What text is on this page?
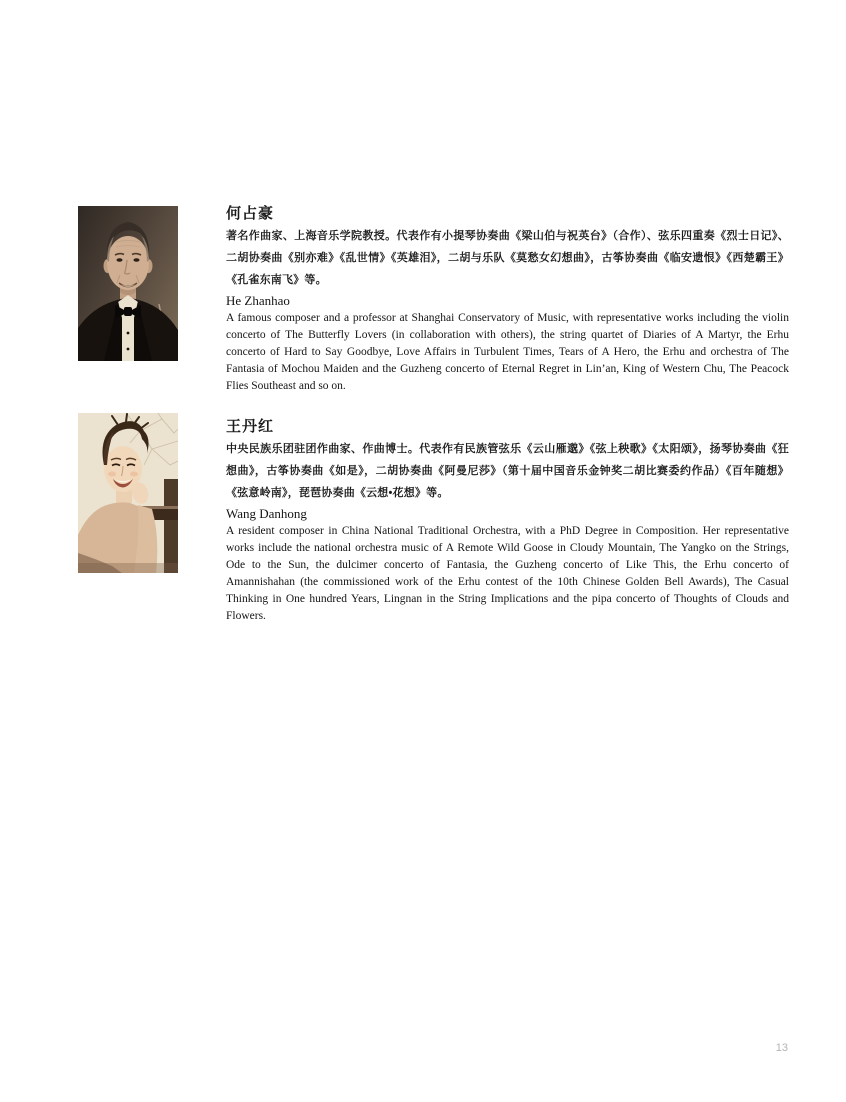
何占豪

著名作曲家、上海音乐学院教授。代表作有小提琴协奏曲《梁山伯与祝英台》（合作）、弦乐四重奏《烈士日记》、二胡协奏曲《别亦难》《乱世情》《英雄泪》，二胡与乐队《莫愁女幻想曲》，古筝协奏曲《临安遗恨》《西楚霸王》《孔雀东南飞》等。

He Zhanhao

A famous composer and a professor at Shanghai Conservatory of Music, with representative works including the violin concerto of The Butterfly Lovers (in collaboration with others), the string quartet of Diaries of A Martyr, the Erhu concerto of Hard to Say Goodbye, Love Affairs in Turbulent Times, Tears of A Hero, the Erhu and orchestra of The Fantasia of Mochou Maiden and the Guzheng concerto of Eternal Regret in Lin’an, King of Western Chu, The Peacock Flies Southeast and so on.

王丹红

中央民族乐团驻团作曲家、作曲博士。代表作有民族管弦乐《云山雁邈》《弦上秧歌》《太阳颂》，扬琴协奏曲《狂想曲》，古筝协奏曲《如是》，二胡协奏曲《阿曼尼莎》（第十届中国音乐金钟奖二胡比赛委约作品）《百年随想》《弦意岭南》，琵琶协奏曲《云想•花想》等。

Wang Danhong

A resident composer in China National Traditional Orchestra, with a PhD Degree in Composition. Her representative works include the national orchestra music of A Remote Wild Goose in Cloudy Mountain, The Yangko on the Strings, Ode to the Sun, the dulcimer concerto of Fantasia, the Guzheng concerto of Like This, the Erhu concerto of Amannishahan (the commissioned work of the Erhu contest of the 10th Chinese Golden Bell Awards), The Casual Thinking in One hundred Years, Lingnan in the String Implications and the pipa concerto of Thoughts of Clouds and Flowers.

13
